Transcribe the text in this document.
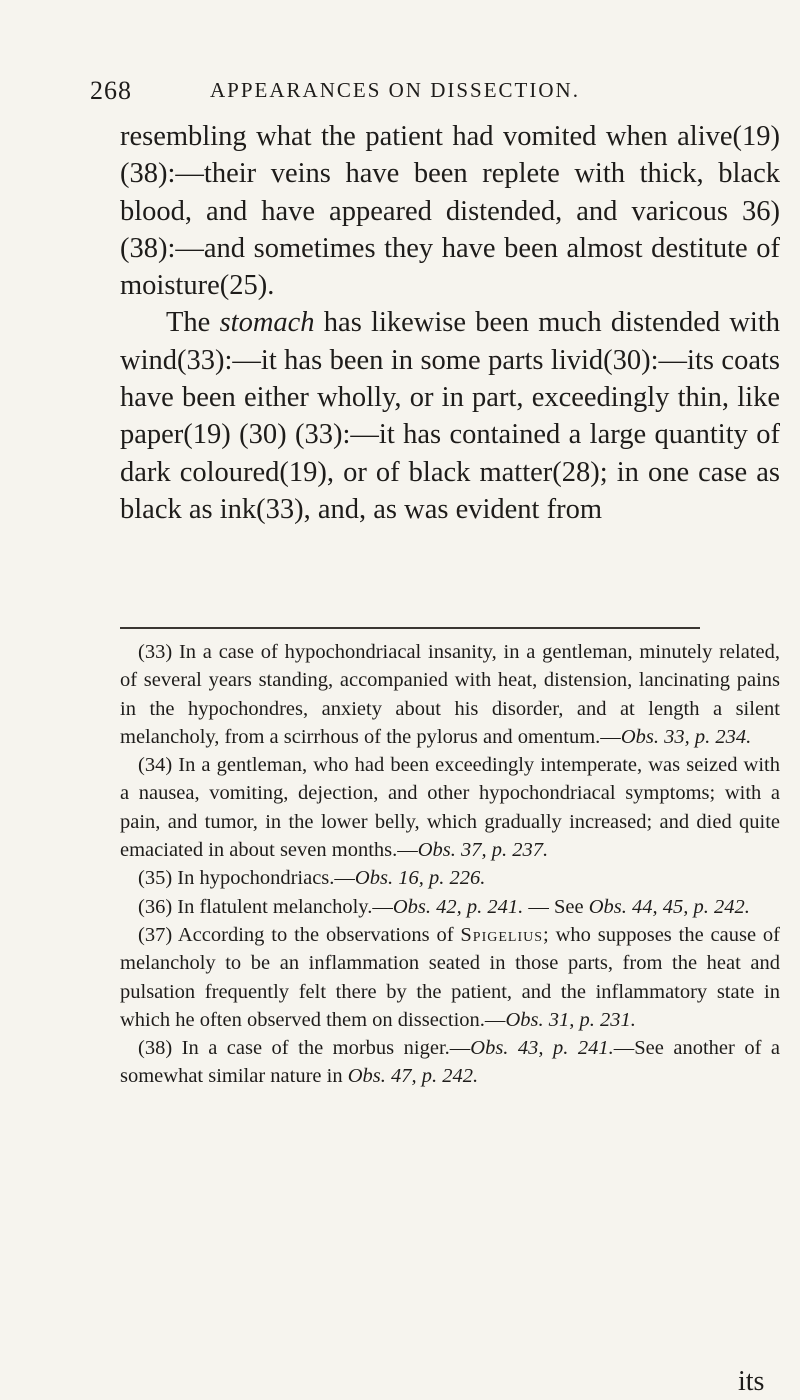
268	APPEARANCES ON DISSECTION.

resembling what the patient had vomited when alive(19) (38):—their veins have been replete with thick, black blood, and have appeared distended, and varicous 36) (38):—and sometimes they have been almost destitute of moisture(25).

The stomach has likewise been much distended with wind(33):—it has been in some parts livid(30):—its coats have been either wholly, or in part, exceedingly thin, like paper(19) (30) (33):—it has contained a large quantity of dark coloured(19), or of black matter(28); in one case as black as ink(33), and, as was evident from

(33) In a case of hypochondriacal insanity, in a gentleman, minutely related, of several years standing, accompanied with heat, distension, lancinating pains in the hypochondres, anxiety about his disorder, and at length a silent melancholy, from a scirrhous of the pylorus and omentum.—Obs. 33, p. 234.

(34) In a gentleman, who had been exceedingly intemperate, was seized with a nausea, vomiting, dejection, and other hypochondriacal symptoms; with a pain, and tumor, in the lower belly, which gradually increased; and died quite emaciated in about seven months.—Obs. 37, p. 237.

(35) In hypochondriacs.—Obs. 16, p. 226.

(36) In flatulent melancholy.—Obs. 42, p. 241. — See Obs. 44, 45, p. 242.

(37) According to the observations of Spigelius; who supposes the cause of melancholy to be an inflammation seated in those parts, from the heat and pulsation frequently felt there by the patient, and the inflammatory state in which he often observed them on dissection.—Obs. 31, p. 231.

(38) In a case of the morbus niger.—Obs. 43, p. 241.—See another of a somewhat similar nature in Obs. 47, p. 242.

its
